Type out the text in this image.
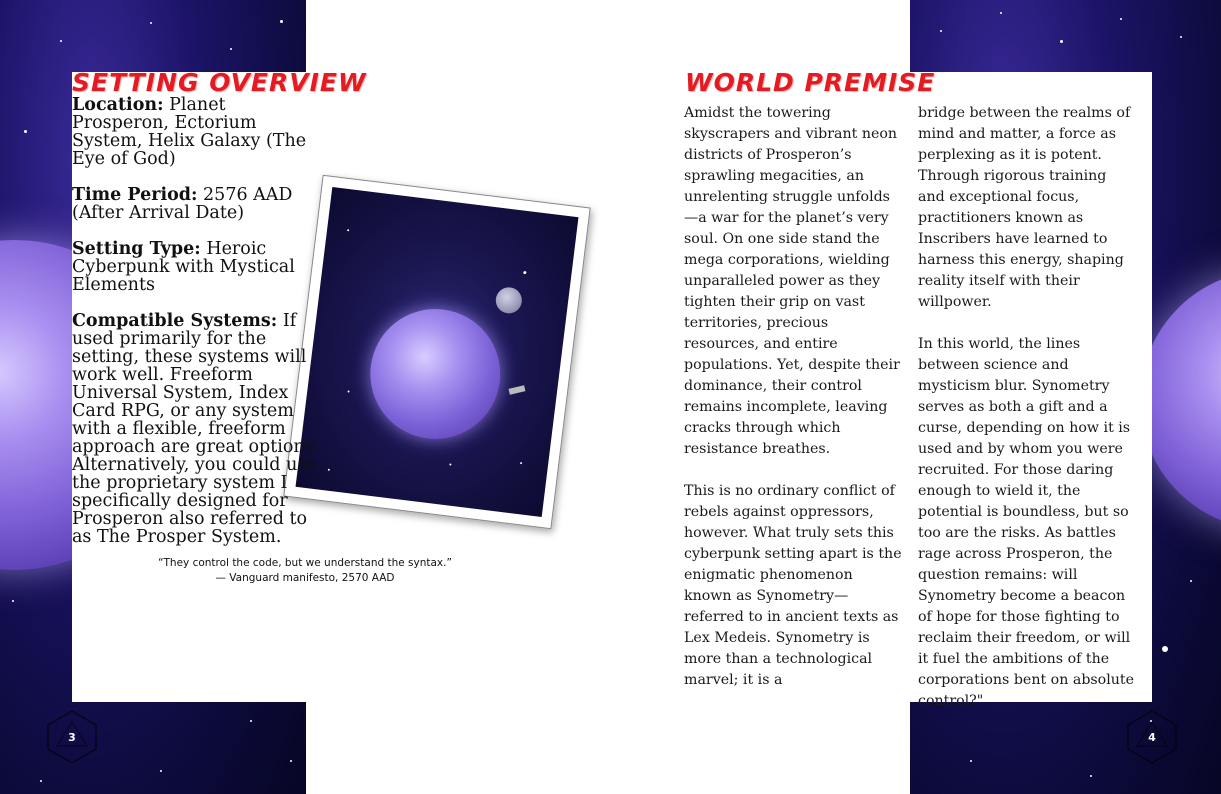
SETTING OVERVIEW

Location: Planet Prosperon, Ectorium System, Helix Galaxy (The Eye of God)

Time Period: 2576 AAD (After Arrival Date)

Setting Type: Heroic Cyberpunk with Mystical Elements

Compatible Systems: If used primarily for the setting, these systems will work well. Freeform Universal System, Index Card RPG, or any system with a flexible, freeform approach are great options. Alternatively, you could use the proprietary system I specifically designed for Prosperon also referred to as The Prosper System.

“They control the code, but we understand the syntax.”
— Vanguard manifesto, 2570 AAD
3
WORLD PREMISE

Amidst the towering skyscrapers and vibrant neon districts of Prosperon’s sprawling megacities, an unrelenting struggle unfolds—a war for the planet’s very soul. On one side stand the mega corporations, wielding unparalleled power as they tighten their grip on vast territories, precious resources, and entire populations. Yet, despite their dominance, their control remains incomplete, leaving cracks through which resistance breathes.

This is no ordinary conflict of rebels against oppressors, however. What truly sets this cyberpunk setting apart is the enigmatic phenomenon known as Synometry—referred to in ancient texts as Lex Medeis. Synometry is more than a technological marvel; it is a

bridge between the realms of mind and matter, a force as perplexing as it is potent. Through rigorous training and exceptional focus, practitioners known as Inscribers have learned to harness this energy, shaping reality itself with their willpower.

In this world, the lines between science and mysticism blur. Synometry serves as both a gift and a curse, depending on how it is used and by whom you were recruited. For those daring enough to wield it, the potential is boundless, but so too are the risks. As battles rage across Prosperon, the question remains: will Synometry become a beacon of hope for those fighting to reclaim their freedom, or will it fuel the ambitions of the corporations bent on absolute control?"

4
